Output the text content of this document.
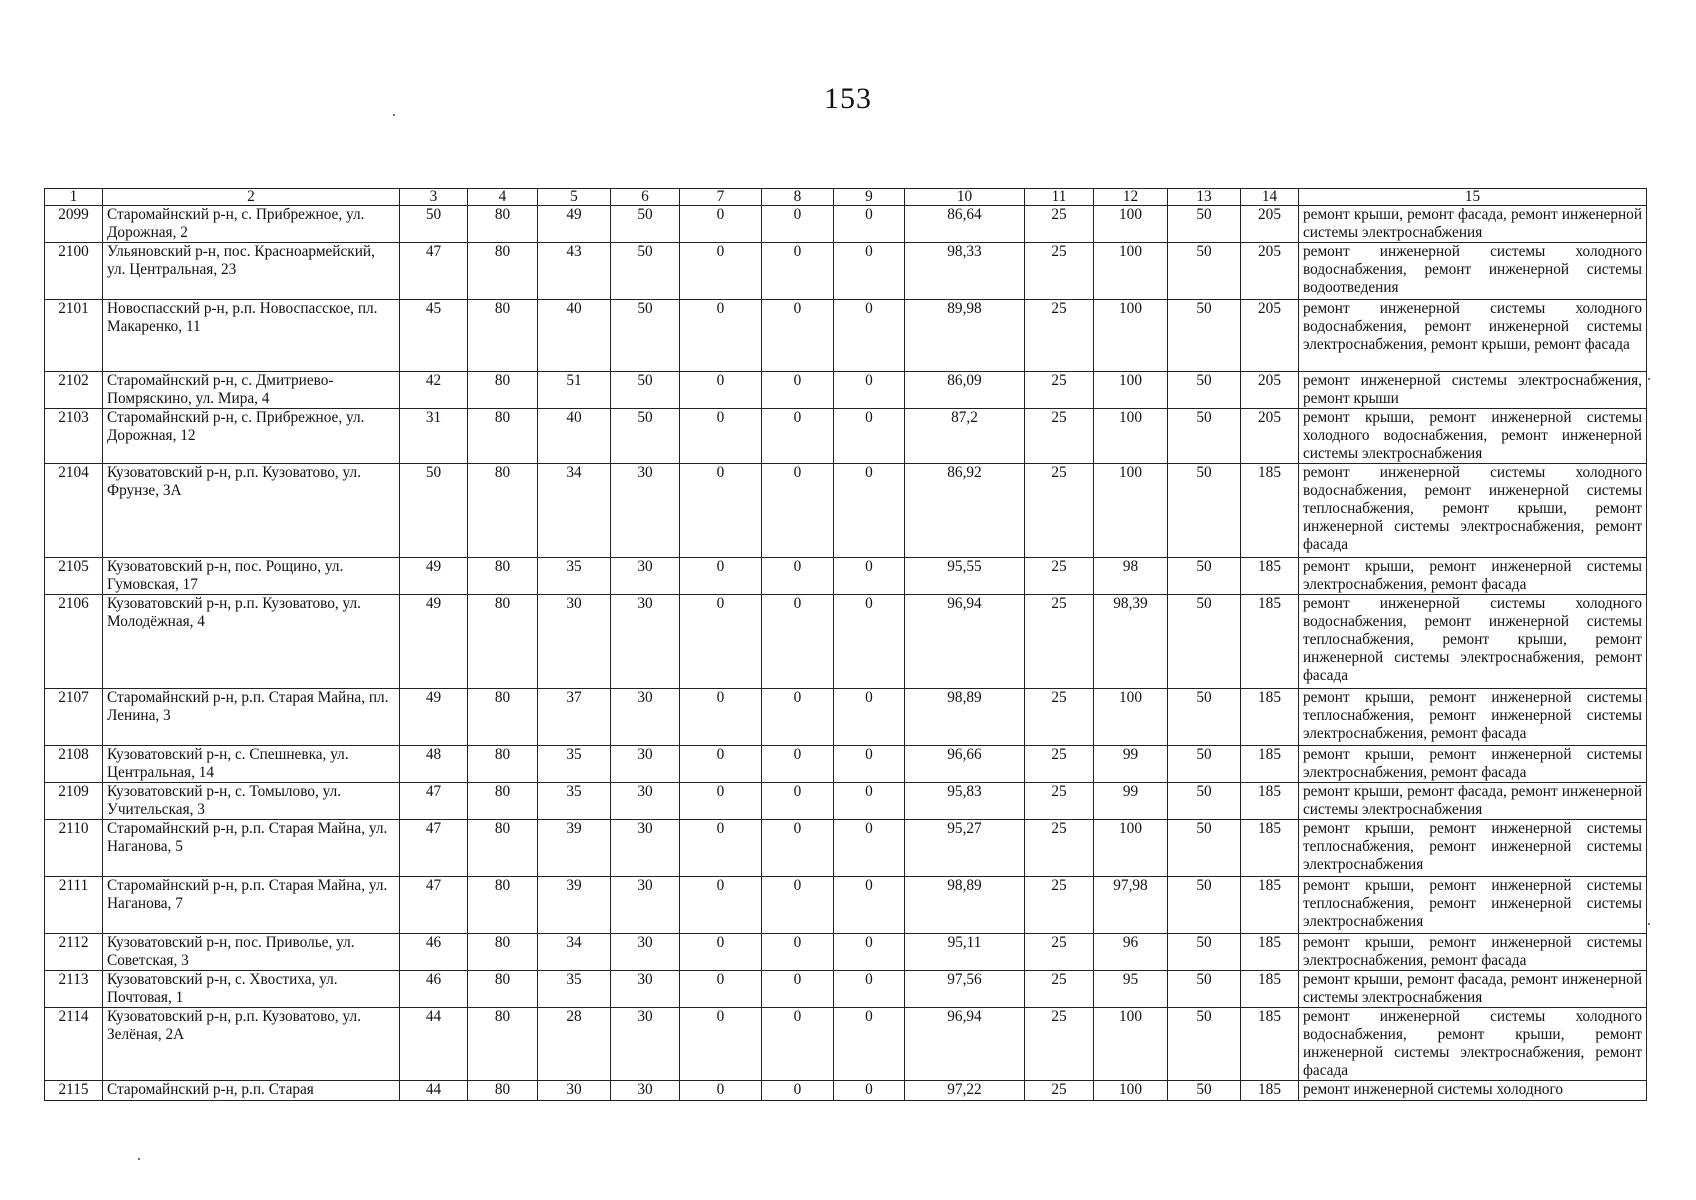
153
1	2	3	4	5	6	7	8	9	10	11	12	13	14	15
2099	Старомайнский р-н, с. Прибрежное, ул. Дорожная, 2	50	80	49	50	0	0	0	86,64	25	100	50	205	ремонт крыши, ремонт фасада, ремонт инженерной системы электроснабжения
2100	Ульяновский р-н, пос. Красноармейский, ул. Центральная, 23	47	80	43	50	0	0	0	98,33	25	100	50	205	ремонт инженерной системы холодного водоснабжения, ремонт инженерной системы водоотведения
2101	Новоспасский р-н, р.п. Новоспасское, пл. Макаренко, 11	45	80	40	50	0	0	0	89,98	25	100	50	205	ремонт инженерной системы холодного водоснабжения, ремонт инженерной системы электроснабжения, ремонт крыши, ремонт фасада
2102	Старомайнский р-н, с. Дмитриево-Помряскино, ул. Мира, 4	42	80	51	50	0	0	0	86,09	25	100	50	205	ремонт инженерной системы электроснабжения, ремонт крыши
2103	Старомайнский р-н, с. Прибрежное, ул. Дорожная, 12	31	80	40	50	0	0	0	87,2	25	100	50	205	ремонт крыши, ремонт инженерной системы холодного водоснабжения, ремонт инженерной системы электроснабжения
2104	Кузоватовский р-н, р.п. Кузоватово, ул. Фрунзе, 3А	50	80	34	30	0	0	0	86,92	25	100	50	185	ремонт инженерной системы холодного водоснабжения, ремонт инженерной системы теплоснабжения, ремонт крыши, ремонт инженерной системы электроснабжения, ремонт фасада
2105	Кузоватовский р-н, пос. Рощино, ул. Гумовская, 17	49	80	35	30	0	0	0	95,55	25	98	50	185	ремонт крыши, ремонт инженерной системы электроснабжения, ремонт фасада
2106	Кузоватовский р-н, р.п. Кузоватово, ул. Молодёжная, 4	49	80	30	30	0	0	0	96,94	25	98,39	50	185	ремонт инженерной системы холодного водоснабжения, ремонт инженерной системы теплоснабжения, ремонт крыши, ремонт инженерной системы электроснабжения, ремонт фасада
2107	Старомайнский р-н, р.п. Старая Майна, пл. Ленина, 3	49	80	37	30	0	0	0	98,89	25	100	50	185	ремонт крыши, ремонт инженерной системы теплоснабжения, ремонт инженерной системы электроснабжения, ремонт фасада
2108	Кузоватовский р-н, с. Спешневка, ул. Центральная, 14	48	80	35	30	0	0	0	96,66	25	99	50	185	ремонт крыши, ремонт инженерной системы электроснабжения, ремонт фасада
2109	Кузоватовский р-н, с. Томылово, ул. Учительская, 3	47	80	35	30	0	0	0	95,83	25	99	50	185	ремонт крыши, ремонт фасада, ремонт инженерной системы электроснабжения
2110	Старомайнский р-н, р.п. Старая Майна, ул. Наганова, 5	47	80	39	30	0	0	0	95,27	25	100	50	185	ремонт крыши, ремонт инженерной системы теплоснабжения, ремонт инженерной системы электроснабжения
2111	Старомайнский р-н, р.п. Старая Майна, ул. Наганова, 7	47	80	39	30	0	0	0	98,89	25	97,98	50	185	ремонт крыши, ремонт инженерной системы теплоснабжения, ремонт инженерной системы электроснабжения
2112	Кузоватовский р-н, пос. Приволье, ул. Советская, 3	46	80	34	30	0	0	0	95,11	25	96	50	185	ремонт крыши, ремонт инженерной системы электроснабжения, ремонт фасада
2113	Кузоватовский р-н, с. Хвостиха, ул. Почтовая, 1	46	80	35	30	0	0	0	97,56	25	95	50	185	ремонт крыши, ремонт фасада, ремонт инженерной системы электроснабжения
2114	Кузоватовский р-н, р.п. Кузоватово, ул. Зелёная, 2А	44	80	28	30	0	0	0	96,94	25	100	50	185	ремонт инженерной системы холодного водоснабжения, ремонт крыши, ремонт инженерной системы электроснабжения, ремонт фасада
2115	Старомайнский р-н, р.п. Старая	44	80	30	30	0	0	0	97,22	25	100	50	185	ремонт инженерной системы холодного
